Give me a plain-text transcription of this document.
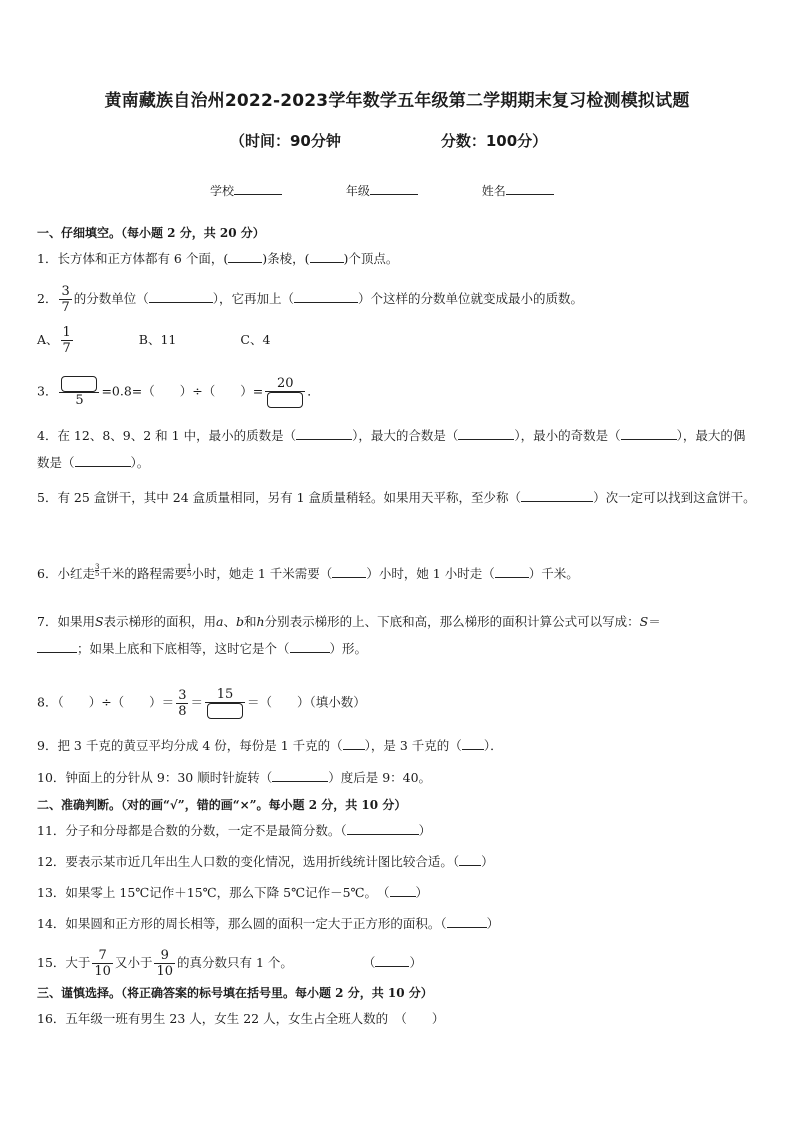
黄南藏族自治州2022-2023学年数学五年级第二学期期末复习检测模拟试题
（时间：90分钟	分数：100分）
学校	年级	姓名
一、仔细填空。（每小题 2 分，共 20 分）
1．长方体和正方体都有 6 个面，(	)条棱，(	)个顶点。
2． $\frac{3}{7}$ 的分数单位（	），它再加上（	）个这样的分数单位就变成最小的质数。
A、 $\frac{1}{7}$	B、11	C、4
3．
5
=0.8=（　　）÷（　　）=	20	．
4．在 12、8、9、2 和 1 中，最小的质数是（	），最大的合数是（	），最小的奇数是（	），最大的偶数是（	）。
5．有 25 盒饼干，其中 24 盒质量相同，另有 1 盒质量稍轻。如果用天平称，至少称（	）次一定可以找到这盒饼干。
6．小红走 $\frac{3}{5}$ 千米的路程需要 $\frac{1}{5}$ 小时，她走 1 千米需要（	）小时，她 1 小时走（	）千米。
7．如果用S表示梯形的面积，用a、b和h分别表示梯形的上、下底和高，那么梯形的面积计算公式可以写成：S＝
；如果上底和下底相等，这时它是个（	）形。
8．（　　）÷（　　）＝ $\frac{3}{8}$ ＝	15	＝（　　）（填小数）
9．把 3 千克的黄豆平均分成 4 份，每份是 1 千克的（ ），是 3 千克的（ ）．
10．钟面上的分针从 9：30 顺时针旋转（	）度后是 9：40。
二、准确判断。（对的画“√”，错的画“×”。每小题 2 分，共 10 分）
11．分子和分母都是合数的分数，一定不是最简分数。（	）
12．要表示某市近几年出生人口数的变化情况，选用折线统计图比较合适。（ ）
13．如果零上 15℃记作＋15℃，那么下降 5℃记作－5℃。　（ ）
14．如果圆和正方形的周长相等，那么圆的面积一定大于正方形的面积。（	）
15．大于 $\frac{7}{10}$ 又小于 $\frac{9}{10}$ 的真分数只有 1 个。	（	）
三、谨慎选择。（将正确答案的标号填在括号里。每小题 2 分，共 10 分）
16．五年级一班有男生 23 人，女生 22 人，女生占全班人数的　（　　）
